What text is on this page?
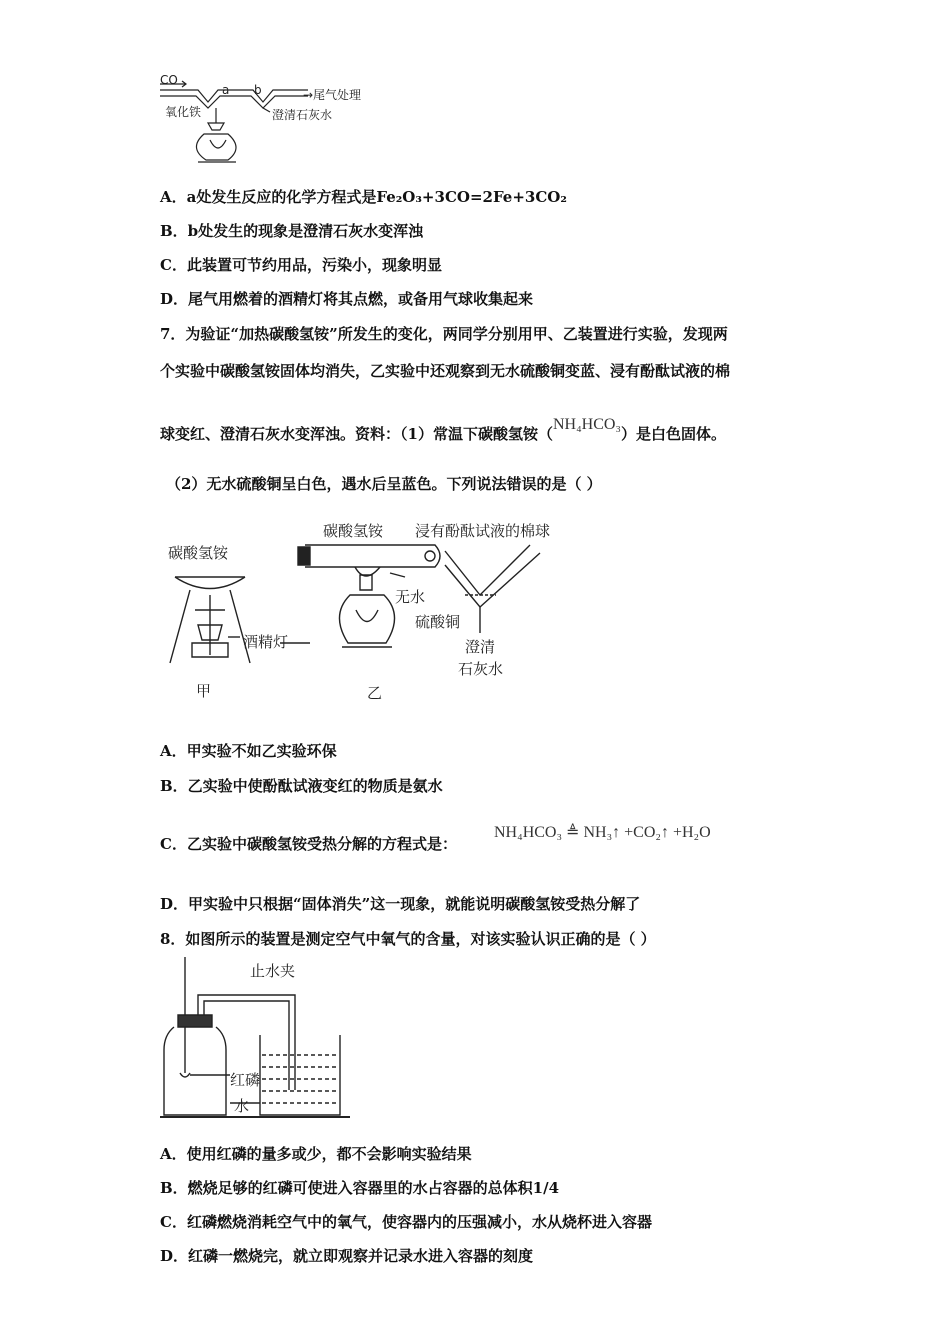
CO
氧化铁
a b	→尾气处理
澄清石灰水
A．a处发生反应的化学方程式是Fe₂O₃+3CO=2Fe+3CO₂
B．b处发生的现象是澄清石灰水变浑浊
C．此装置可节约用品，污染小，现象明显
D．尾气用燃着的酒精灯将其点燃，或备用气球收集起来
7．为验证“加热碳酸氢铵”所发生的变化，两同学分别用甲、乙装置进行实验，发现两
个实验中碳酸氢铵固体均消失，乙实验中还观察到无水硫酸铜变蓝、浸有酚酞试液的棉
球变红、澄清石灰水变浑浊。资料：（1）常温下碳酸氢铵（NH₄HCO₃）是白色固体。
（2）无水硫酸铜呈白色，遇水后呈蓝色。下列说法错误的是（ ）
碳酸氢铵
碳酸氢铵 浸有酚酞试液的棉球
酒精灯
无水
硫酸铜
澄清
石灰水
甲	乙
A．甲实验不如乙实验环保
B．乙实验中使酚酞试液变红的物质是氨水
C．乙实验中碳酸氢铵受热分解的方程式是：
NH₄HCO₃ ≜ NH₃↑ +CO₂↑ +H₂O
D．甲实验中只根据“固体消失”这一现象，就能说明碳酸氢铵受热分解了
8．如图所示的装置是测定空气中氧气的含量，对该实验认识正确的是（ ）
止水夹
红磷
水
A．使用红磷的量多或少，都不会影响实验结果
B．燃烧足够的红磷可使进入容器里的水占容器的总体积1/4
C．红磷燃烧消耗空气中的氧气，使容器内的压强减小，水从烧杯进入容器
D．红磷一燃烧完，就立即观察并记录水进入容器的刻度
